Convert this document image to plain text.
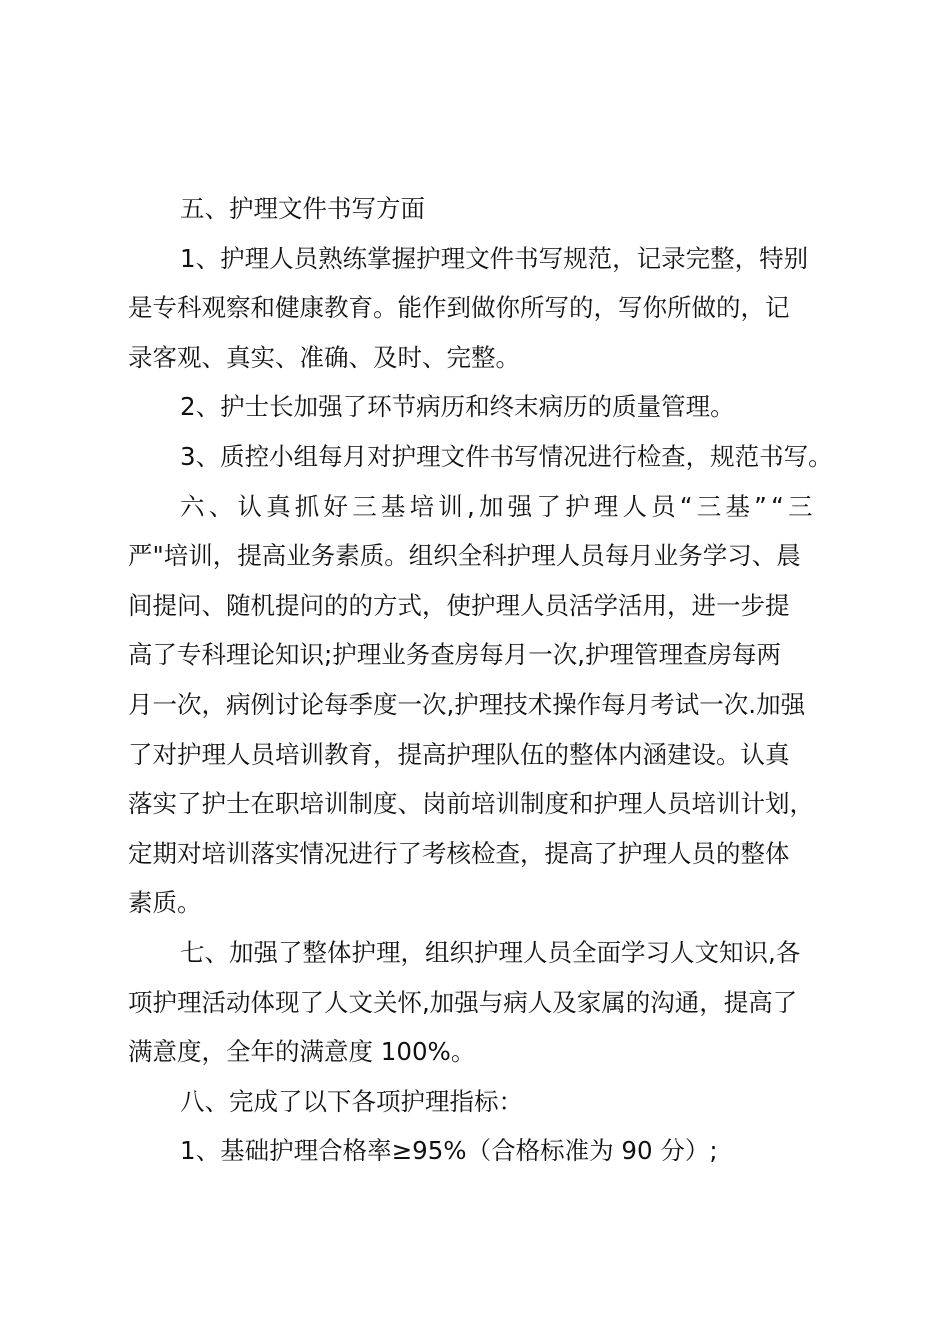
五、护理文件书写方面
1、护理人员熟练掌握护理文件书写规范，记录完整，特别
是专科观察和健康教育。能作到做你所写的，写你所做的，记
录客观、真实、准确、及时、完整。
2、护士长加强了环节病历和终末病历的质量管理。
3、质控小组每月对护理文件书写情况进行检查，规范书写。
六、认真抓好三基培训,加强了护理人员“三基”“三
严"培训，提高业务素质。组织全科护理人员每月业务学习、晨
间提问、随机提问的的方式，使护理人员活学活用，进一步提
高了专科理论知识;护理业务查房每月一次,护理管理查房每两
月一次，病例讨论每季度一次,护理技术操作每月考试一次.加强
了对护理人员培训教育，提高护理队伍的整体内涵建设。认真
落实了护士在职培训制度、岗前培训制度和护理人员培训计划，
定期对培训落实情况进行了考核检查，提高了护理人员的整体
素质。
七、加强了整体护理，组织护理人员全面学习人文知识,各
项护理活动体现了人文关怀,加强与病人及家属的沟通，提高了
满意度，全年的满意度 100%。
八、完成了以下各项护理指标：
1、基础护理合格率≥95%（合格标准为 90 分）;
